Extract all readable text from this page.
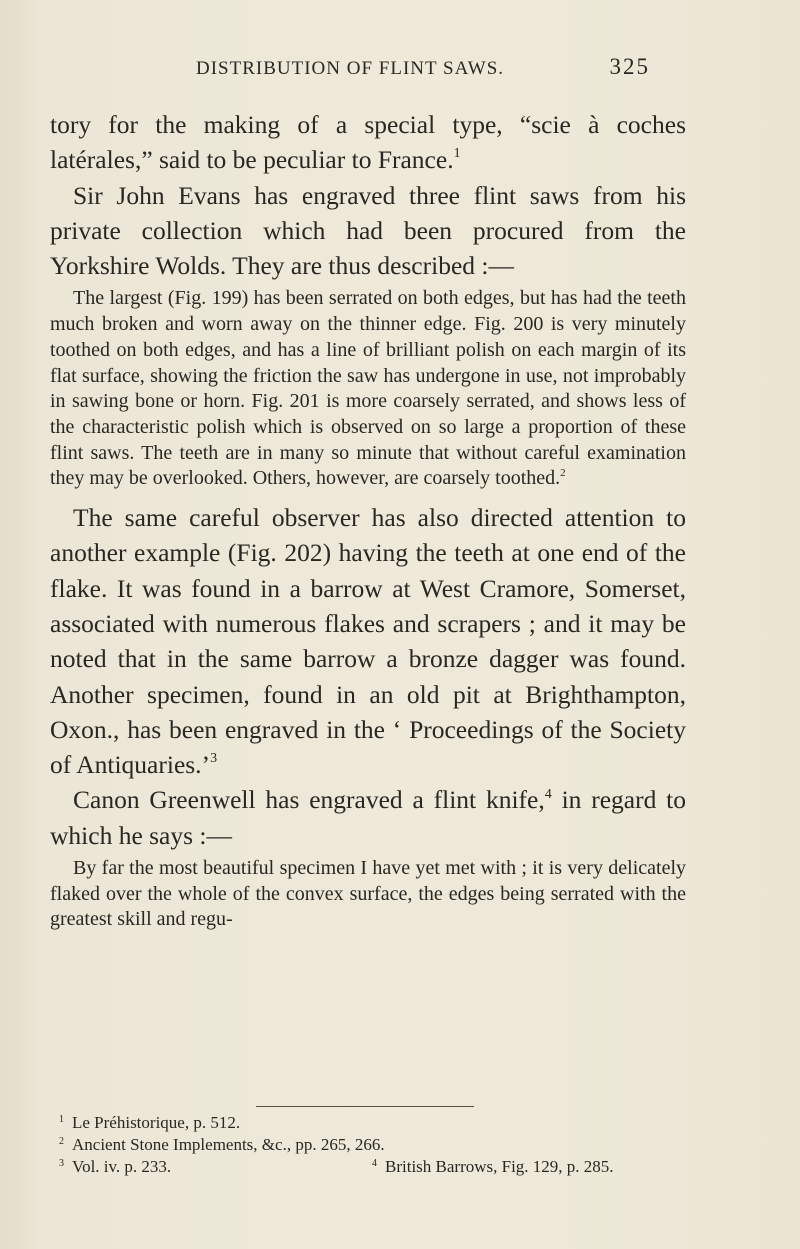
DISTRIBUTION OF FLINT SAWS.	325

tory for the making of a special type, “scie à coches latérales,” said to be peculiar to France.$^1$

Sir John Evans has engraved three flint saws from his private collection which had been procured from the Yorkshire Wolds. They are thus described :—

The largest (Fig. 199) has been serrated on both edges, but has had the teeth much broken and worn away on the thinner edge. Fig. 200 is very minutely toothed on both edges, and has a line of brilliant polish on each margin of its flat surface, showing the friction the saw has undergone in use, not improbably in sawing bone or horn. Fig. 201 is more coarsely serrated, and shows less of the characteristic polish which is observed on so large a proportion of these flint saws. The teeth are in many so minute that without careful examination they may be overlooked. Others, however, are coarsely toothed.$^2$

The same careful observer has also directed attention to another example (Fig. 202) having the teeth at one end of the flake. It was found in a barrow at West Cramore, Somerset, associated with numerous flakes and scrapers ; and it may be noted that in the same barrow a bronze dagger was found. Another specimen, found in an old pit at Brighthampton, Oxon., has been engraved in the ‘ Proceedings of the Society of Antiquaries.’$^3$

Canon Greenwell has engraved a flint knife,$^4$ in regard to which he says :—

By far the most beautiful specimen I have yet met with ; it is very delicately flaked over the whole of the convex surface, the edges being serrated with the greatest skill and regu-

$^1$ Le Préhistorique, p. 512.
$^2$ Ancient Stone Implements, &c., pp. 265, 266.
$^3$ Vol. iv. p. 233.	$^4$ British Barrows, Fig. 129, p. 285.
